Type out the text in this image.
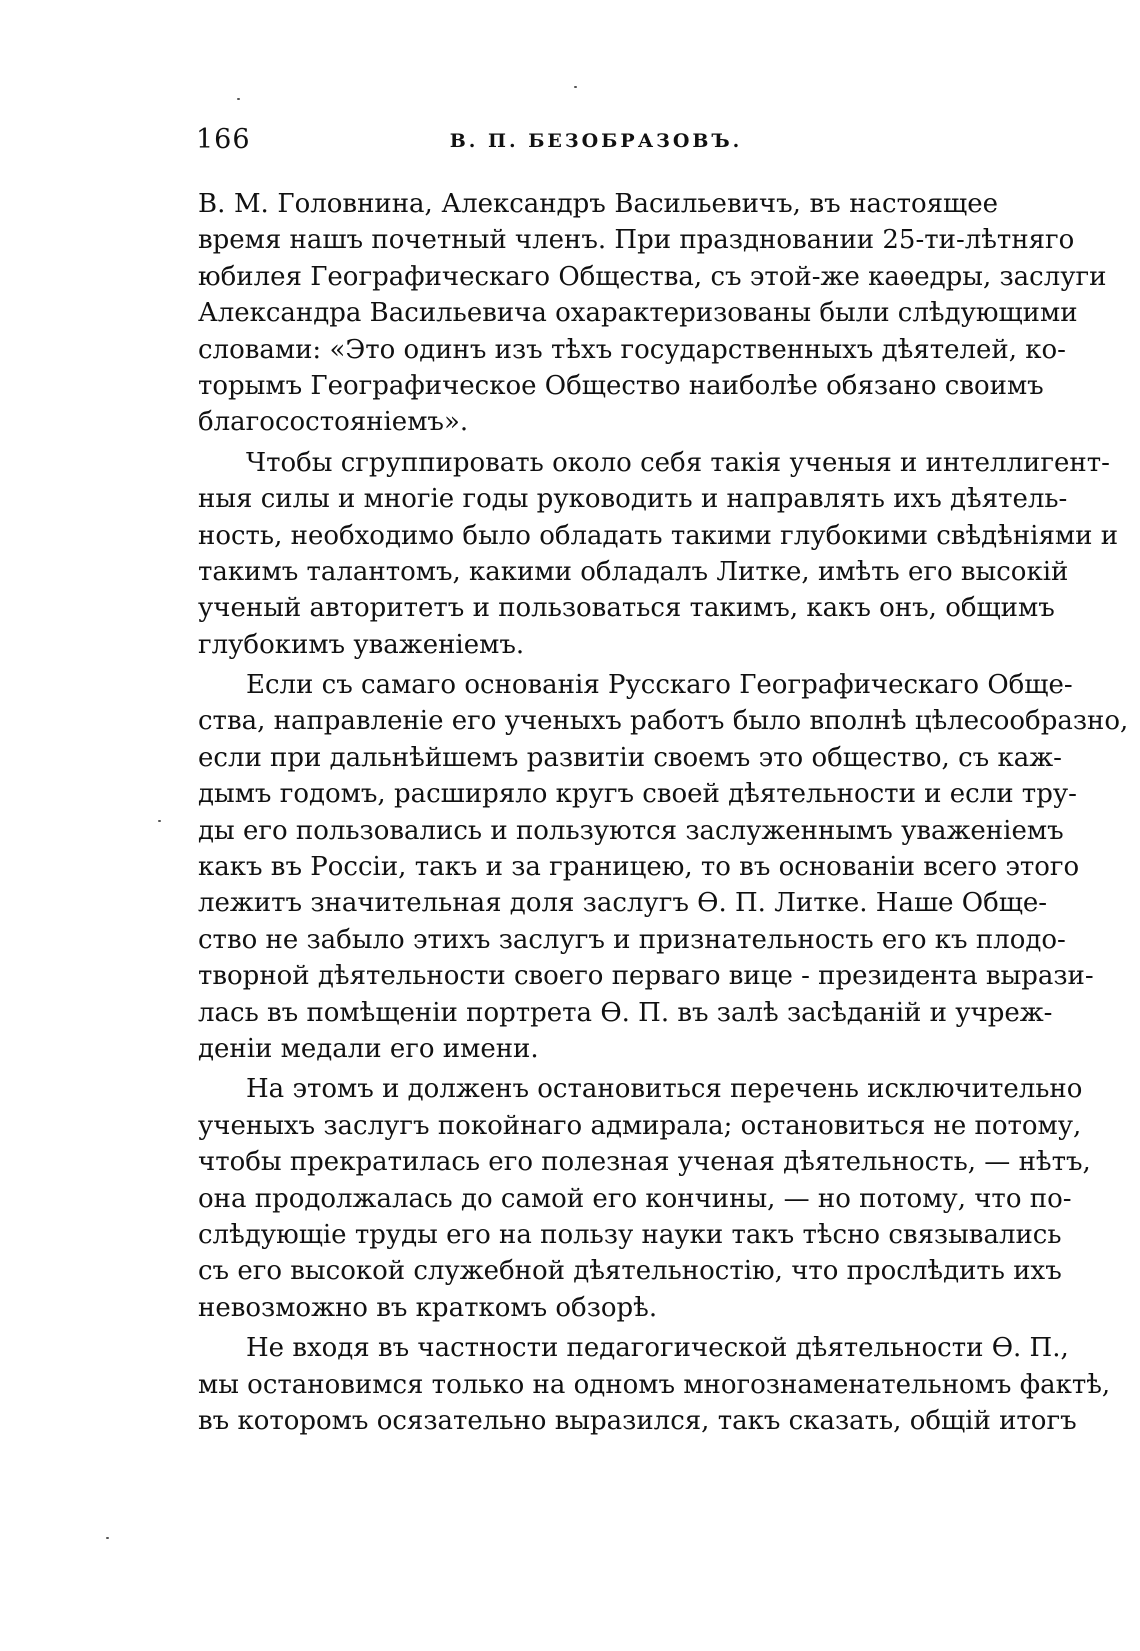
166	В. П. БЕЗОБРАЗОВЪ.
В. М. Головнина, Александръ Васильевичъ, въ настоящее
время нашъ почетный членъ. При праздновании 25-ти-лѣтняго
юбилея Географическаго Общества, съ этой-же каѳедры, заслуги
Александра Васильевича охарактеризованы были слѣдующими
словами: «Это одинъ изъ тѣхъ государственныхъ дѣятелей, ко-
торымъ Географическое Общество наиболѣе обязано своимъ
благосостояніемъ».
Чтобы сгруппировать около себя такія ученыя и интеллигент-
ныя силы и многіе годы руководить и направлять ихъ дѣятель-
ность, необходимо было обладать такими глубокими свѣдѣніями и
такимъ талантомъ, какими обладалъ Литке, имѣть его высокій
ученый авторитетъ и пользоваться такимъ, какъ онъ, общимъ
глубокимъ уваженіемъ.
Если съ самаго основанія Русскаго Географическаго Обще-
ства, направленіе его ученыхъ работъ было вполнѣ цѣлесообразно,
если при дальнѣйшемъ развитіи своемъ это общество, съ каж-
дымъ годомъ, расширяло кругъ своей дѣятельности и если тру-
ды его пользовались и пользуются заслуженнымъ уваженіемъ
какъ въ Россіи, такъ и за границею, то въ основаніи всего этого
лежитъ значительная доля заслугъ Ѳ. П. Литке. Наше Обще-
ство не забыло этихъ заслугъ и признательность его къ плодо-
творной дѣятельности своего перваго вице - президента вырази-
лась въ помѣщеніи портрета Ѳ. П. въ залѣ засѣданій и учреж-
деніи медали его имени.
На этомъ и долженъ остановиться перечень исключительно
ученыхъ заслугъ покойнаго адмирала; остановиться не потому,
чтобы прекратилась его полезная ученая дѣятельность, — нѣтъ,
она продолжалась до самой его кончины, — но потому, что по-
слѣдующіе труды его на пользу науки такъ тѣсно связывались
съ его высокой служебной дѣятельностію, что прослѣдить ихъ
невозможно въ краткомъ обзорѣ.
Не входя въ частности педагогической дѣятельности Ѳ. П.,
мы остановимся только на одномъ многознаменательномъ фактѣ,
въ которомъ осязательно выразился, такъ сказать, общій итогъ
